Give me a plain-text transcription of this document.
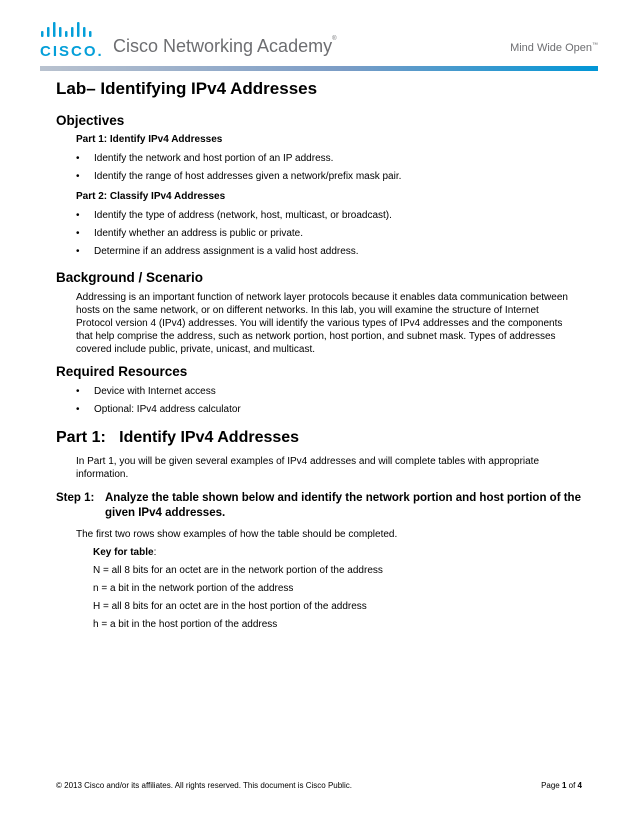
CISCO. Cisco Networking Academy®
Mind Wide Open™
Lab– Identifying IPv4 Addresses
Objectives
Part 1: Identify IPv4 Addresses
• Identify the network and host portion of an IP address.
• Identify the range of host addresses given a network/prefix mask pair.
Part 2: Classify IPv4 Addresses
• Identify the type of address (network, host, multicast, or broadcast).
• Identify whether an address is public or private.
• Determine if an address assignment is a valid host address.
Background / Scenario
Addressing is an important function of network layer protocols because it enables data communication between hosts on the same network, or on different networks. In this lab, you will examine the structure of Internet Protocol version 4 (IPv4) addresses. You will identify the various types of IPv4 addresses and the components that help comprise the address, such as network portion, host portion, and subnet mask. Types of addresses covered include public, private, unicast, and multicast.
Required Resources
• Device with Internet access
• Optional: IPv4 address calculator
Part 1:   Identify IPv4 Addresses
In Part 1, you will be given several examples of IPv4 addresses and will complete tables with appropriate information.
Step 1: Analyze the table shown below and identify the network portion and host portion of the given IPv4 addresses.
The first two rows show examples of how the table should be completed.
Key for table:
N = all 8 bits for an octet are in the network portion of the address
n = a bit in the network portion of the address
H = all 8 bits for an octet are in the host portion of the address
h = a bit in the host portion of the address
© 2013 Cisco and/or its affiliates. All rights reserved. This document is Cisco Public.	Page 1 of 4
